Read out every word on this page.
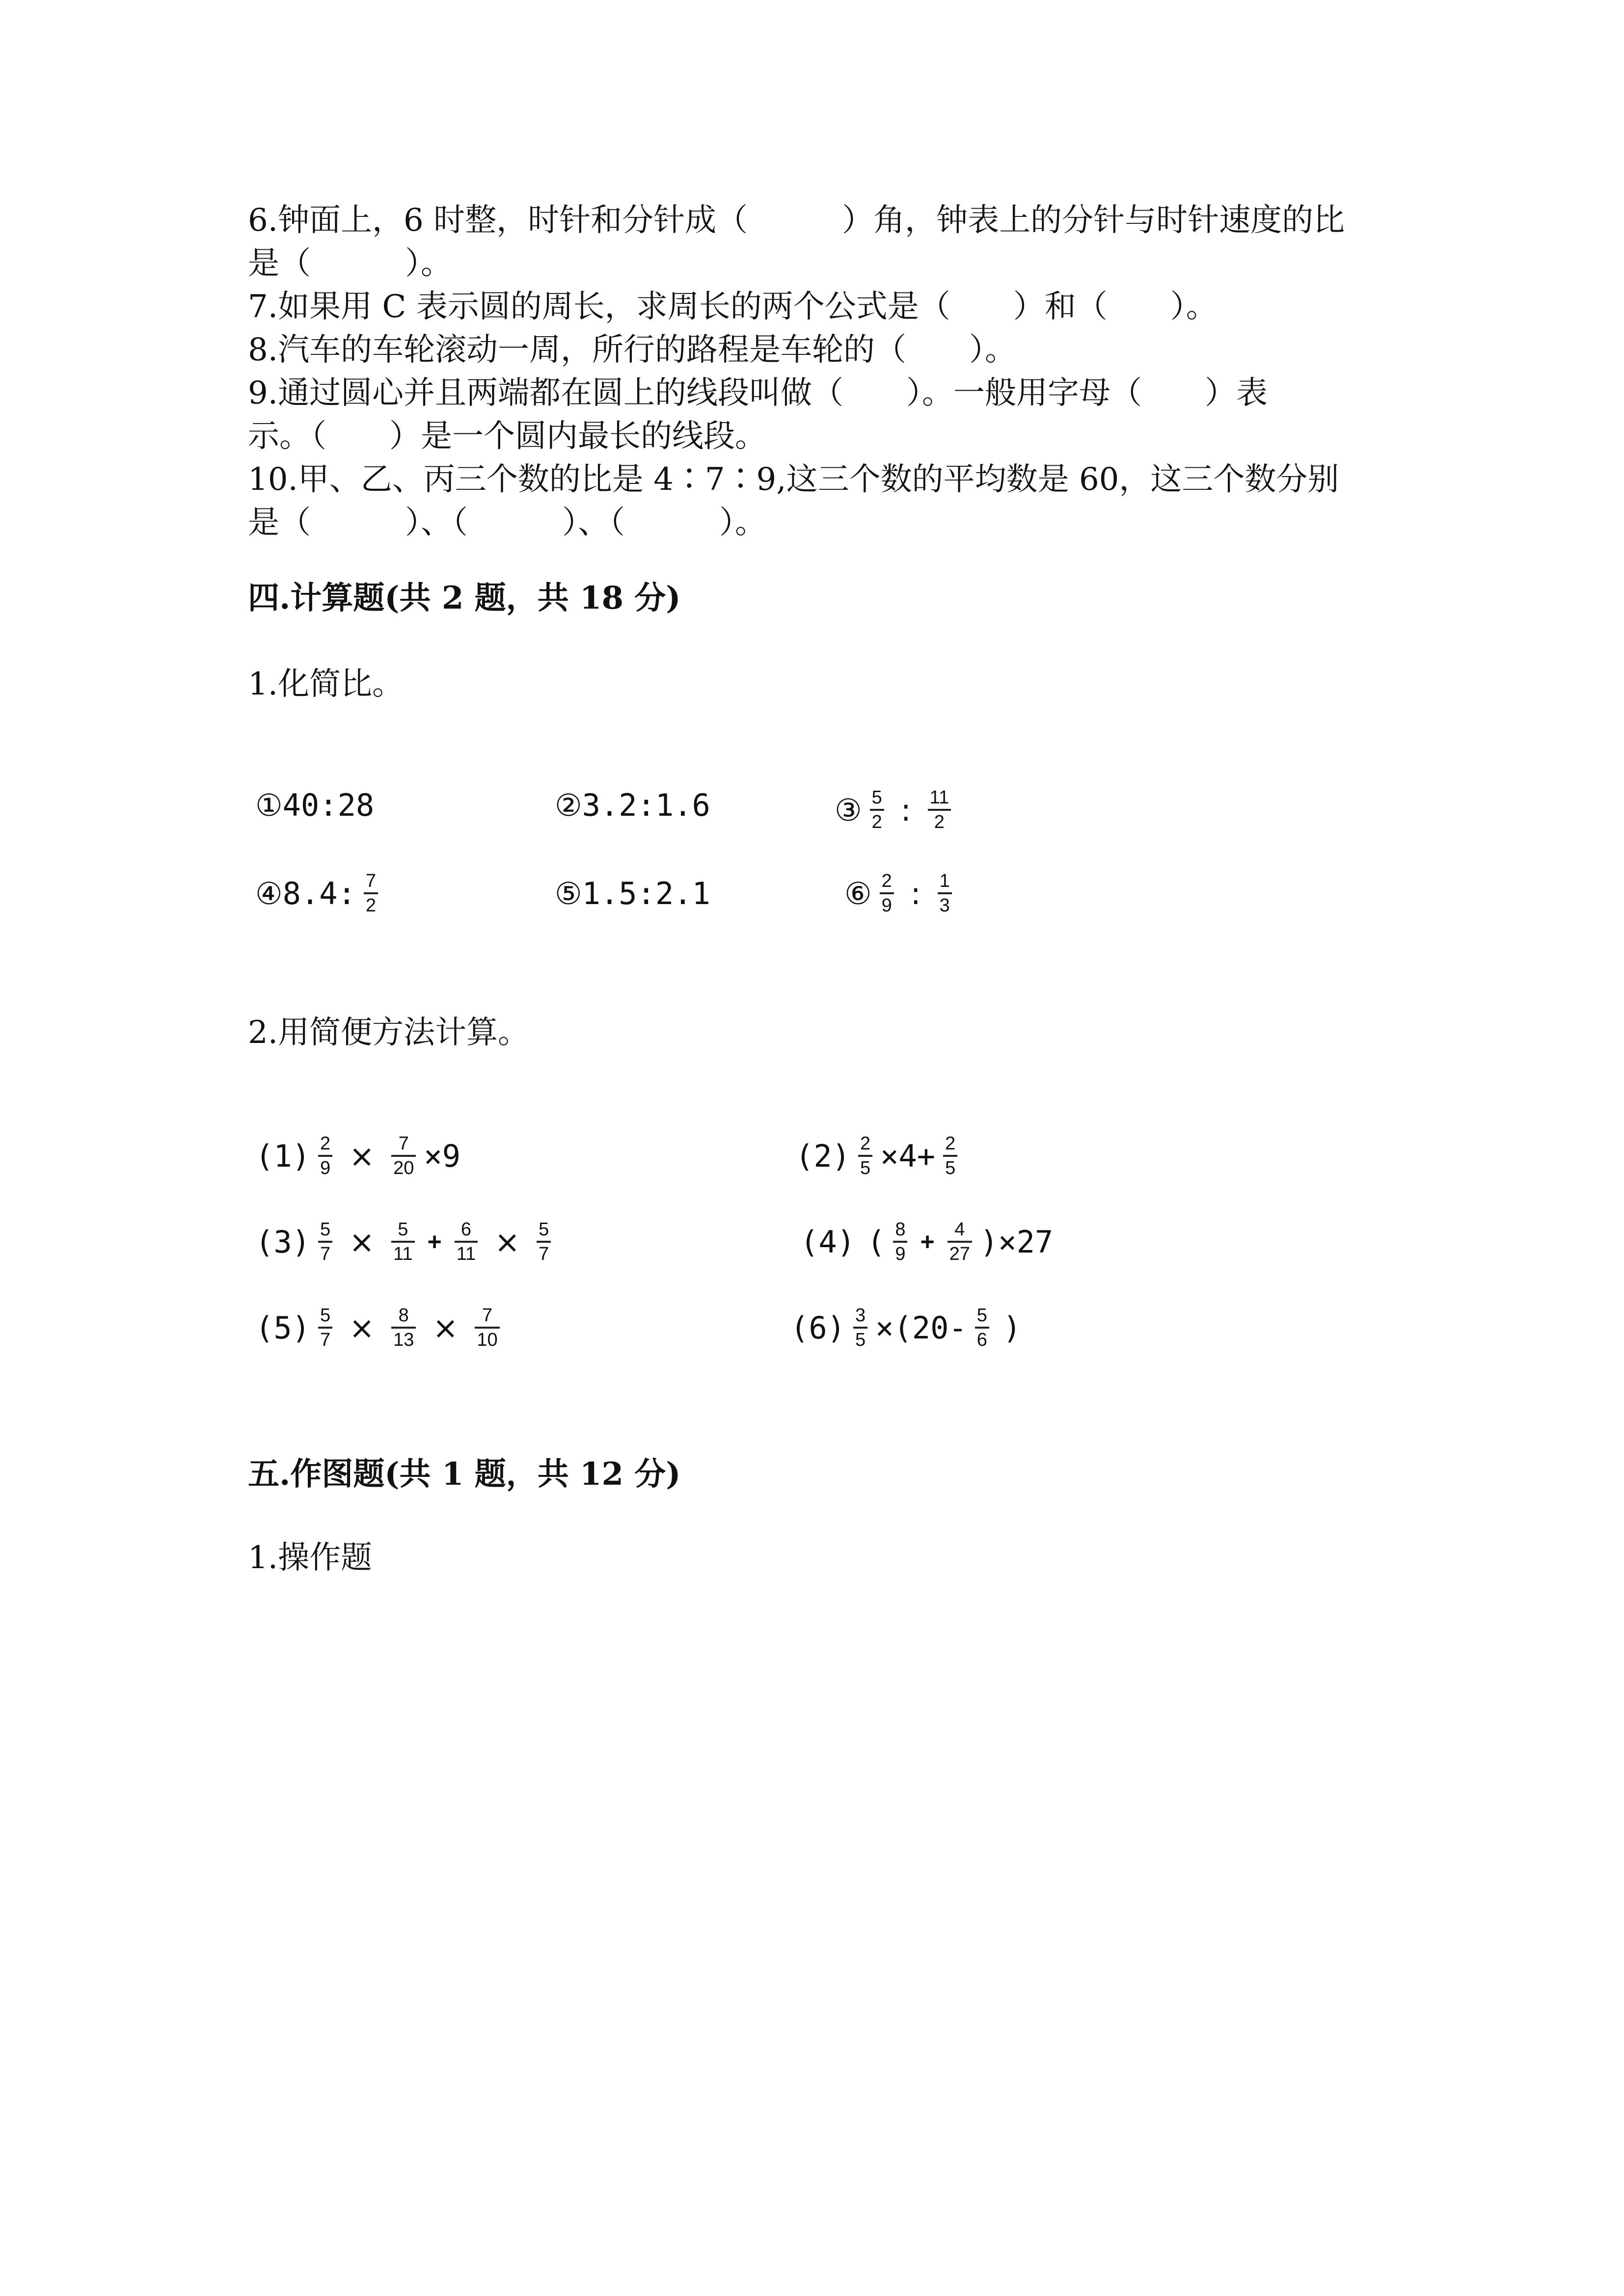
6.钟面上，6 时整，时针和分针成（　　　）角，钟表上的分针与时针速度的比
是（　　　）。
7.如果用 C 表示圆的周长，求周长的两个公式是（　　）和（　　）。
8.汽车的车轮滚动一周，所行的路程是车轮的（　　）。
9.通过圆心并且两端都在圆上的线段叫做（　　）。一般用字母（　　）表
示。（　　）是一个圆内最长的线段。
10.甲、乙、丙三个数的比是 4∶7∶9,这三个数的平均数是 60，这三个数分别
是（　　　）、（　　　）、（　　　）。
四.计算题(共 2 题，共 18 分)
1.化简比。
①40:28	②3.2:1.6	③ $\frac{5}{2}$ : $\frac{11}{2}$
④8.4: $\frac{7}{2}$	⑤1.5:2.1	⑥ $\frac{2}{9}$ : $\frac{1}{3}$
2.用简便方法计算。
$(1) \frac{2}{9} \times \frac{7}{20} \times 9$	$(2) \frac{2}{5} \times 4+ \frac{2}{5}$
$(3) \frac{5}{7} \times \frac{5}{11} + \frac{6}{11} \times \frac{5}{7}$	(4) ( $\frac{8}{9} + \frac{4}{27} )\times 27$
$(5) \frac{5}{7} \times \frac{8}{13} \times \frac{7}{10}$	$(6) \frac{3}{5} \times(20- \frac{5}{6}$ )
五.作图题(共 1 题，共 12 分)
1.操作题
